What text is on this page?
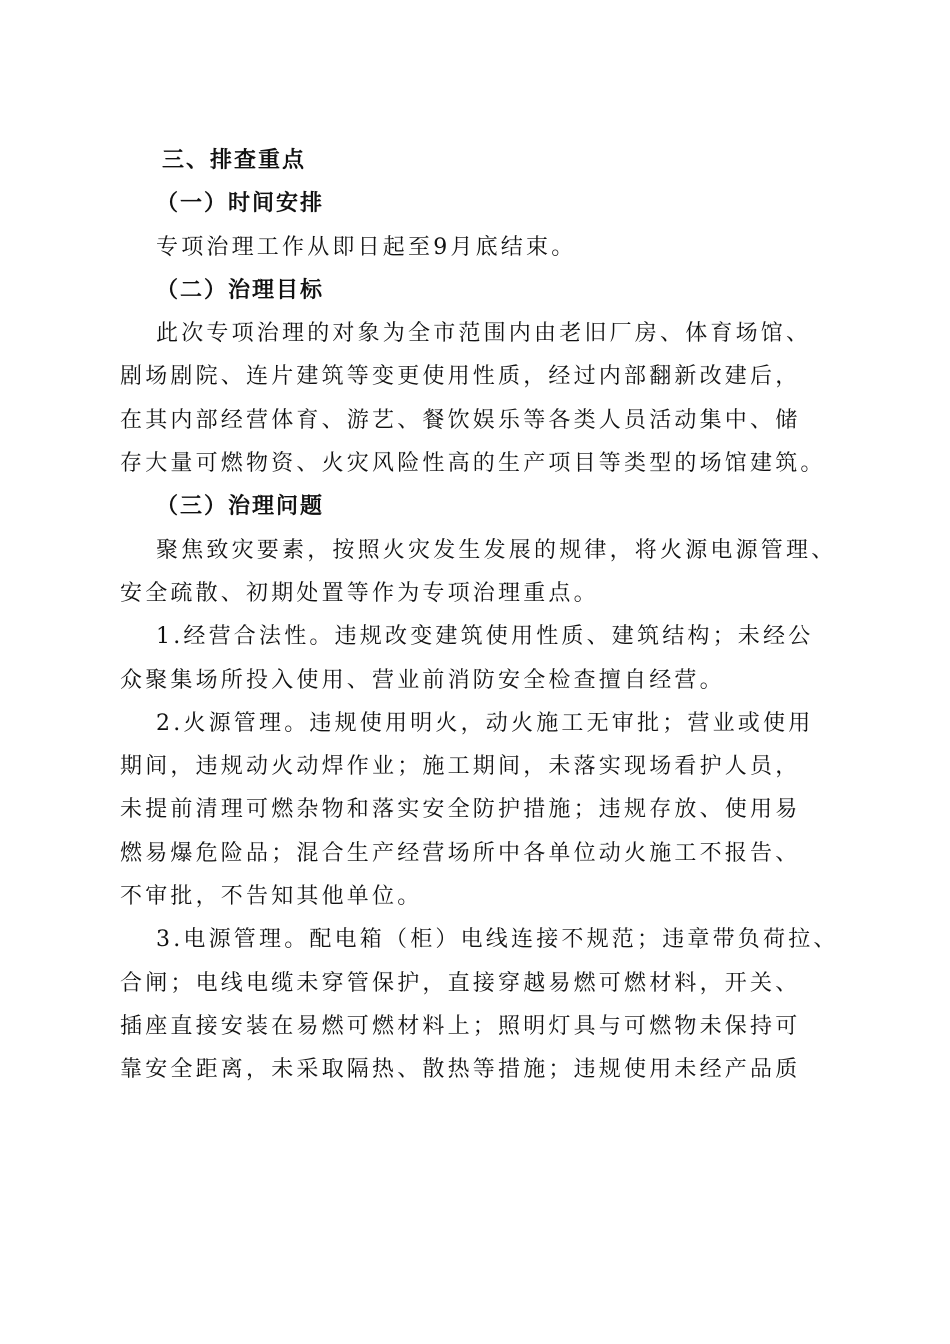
三、排查重点
（一）时间安排
专项治理工作从即日起至9月底结束。
（二）治理目标
此次专项治理的对象为全市范围内由老旧厂房、体育场馆、
剧场剧院、连片建筑等变更使用性质，经过内部翻新改建后，
在其内部经营体育、游艺、餐饮娱乐等各类人员活动集中、储
存大量可燃物资、火灾风险性高的生产项目等类型的场馆建筑。
（三）治理问题
聚焦致灾要素，按照火灾发生发展的规律，将火源电源管理、
安全疏散、初期处置等作为专项治理重点。
1.经营合法性。违规改变建筑使用性质、建筑结构；未经公
众聚集场所投入使用、营业前消防安全检查擅自经营。
2.火源管理。违规使用明火，动火施工无审批；营业或使用
期间，违规动火动焊作业；施工期间，未落实现场看护人员，
未提前清理可燃杂物和落实安全防护措施；违规存放、使用易
燃易爆危险品；混合生产经营场所中各单位动火施工不报告、
不审批，不告知其他单位。
3.电源管理。配电箱（柜）电线连接不规范；违章带负荷拉、
合闸；电线电缆未穿管保护，直接穿越易燃可燃材料，开关、
插座直接安装在易燃可燃材料上；照明灯具与可燃物未保持可
靠安全距离，未采取隔热、散热等措施；违规使用未经产品质
